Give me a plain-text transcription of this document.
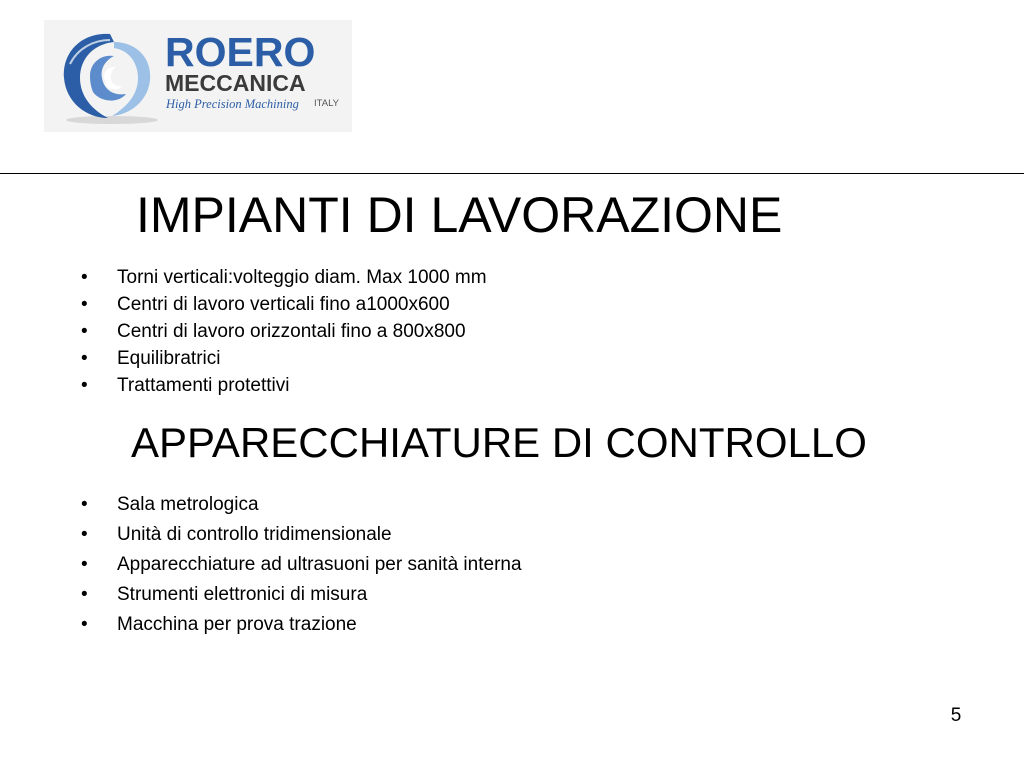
ROERO
MECCANICA
High Precision Machining ITALY
IMPIANTI DI LAVORAZIONE
• Torni verticali:volteggio diam. Max 1000 mm
• Centri di lavoro verticali fino a1000x600
• Centri di lavoro orizzontali fino a 800x800
• Equilibratrici
• Trattamenti protettivi
APPARECCHIATURE DI CONTROLLO
• Sala metrologica
• Unità di controllo tridimensionale
• Apparecchiature ad ultrasuoni per sanità interna
• Strumenti elettronici di misura
• Macchina per prova trazione
5
